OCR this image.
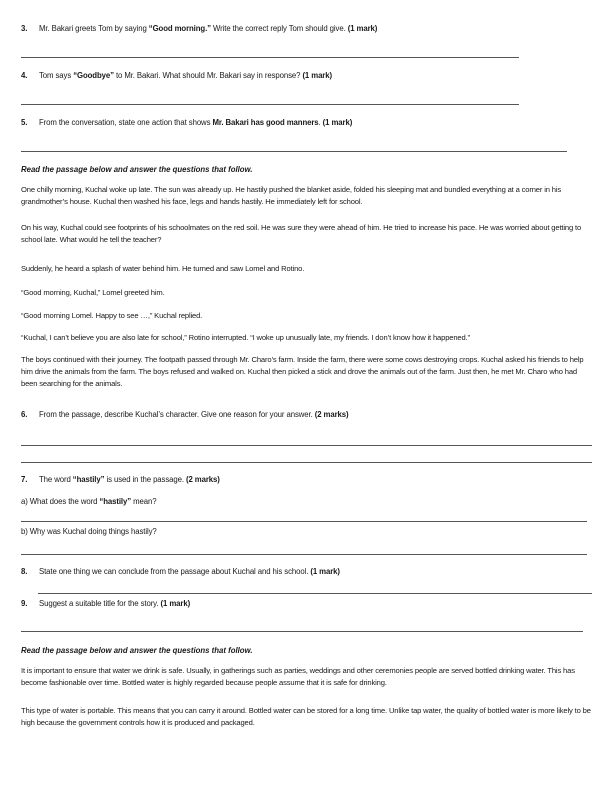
3. Mr. Bakari greets Tom by saying “Good morning.” Write the correct reply Tom should give. (1 mark)
4. Tom says “Goodbye” to Mr. Bakari. What should Mr. Bakari say in response? (1 mark)
5. From the conversation, state one action that shows Mr. Bakari has good manners. (1 mark)
Read the passage below and answer the questions that follow.
One chilly morning, Kuchal woke up late. The sun was already up. He hastily pushed the blanket aside, folded his sleeping mat and bundled everything at a corner in his grandmother’s house. Kuchal then washed his face, legs and hands hastily. He immediately left for school.
On his way, Kuchal could see footprints of his schoolmates on the red soil. He was sure they were ahead of him. He tried to increase his pace. He was worried about getting to school late. What would he tell the teacher?
Suddenly, he heard a splash of water behind him. He turned and saw Lomel and Rotino.
“Good morning, Kuchal,” Lomel greeted him.
“Good morning Lomel. Happy to see …,” Kuchal replied.
“Kuchal, I can’t believe you are also late for school,” Rotino interrupted. “I woke up unusually late, my friends. I don’t know how it happened.”
The boys continued with their journey. The footpath passed through Mr. Charo’s farm. Inside the farm, there were some cows destroying crops. Kuchal asked his friends to help him drive the animals from the farm. The boys refused and walked on. Kuchal then picked a stick and drove the animals out of the farm. Just then, he met Mr. Charo who had been searching for the animals.
6. From the passage, describe Kuchal’s character. Give one reason for your answer. (2 marks)
7. The word “hastily” is used in the passage. (2 marks)
a) What does the word “hastily” mean?
b) Why was Kuchal doing things hastily?
8. State one thing we can conclude from the passage about Kuchal and his school. (1 mark)
9. Suggest a suitable title for the story. (1 mark)
Read the passage below and answer the questions that follow.
It is important to ensure that water we drink is safe. Usually, in gatherings such as parties, weddings and other ceremonies people are served bottled drinking water. This has become fashionable over time. Bottled water is highly regarded because people assume that it is safe for drinking.
This type of water is portable. This means that you can carry it around. Bottled water can be stored for a long time. Unlike tap water, the quality of bottled water is more likely to be high because the government controls how it is produced and packaged.
